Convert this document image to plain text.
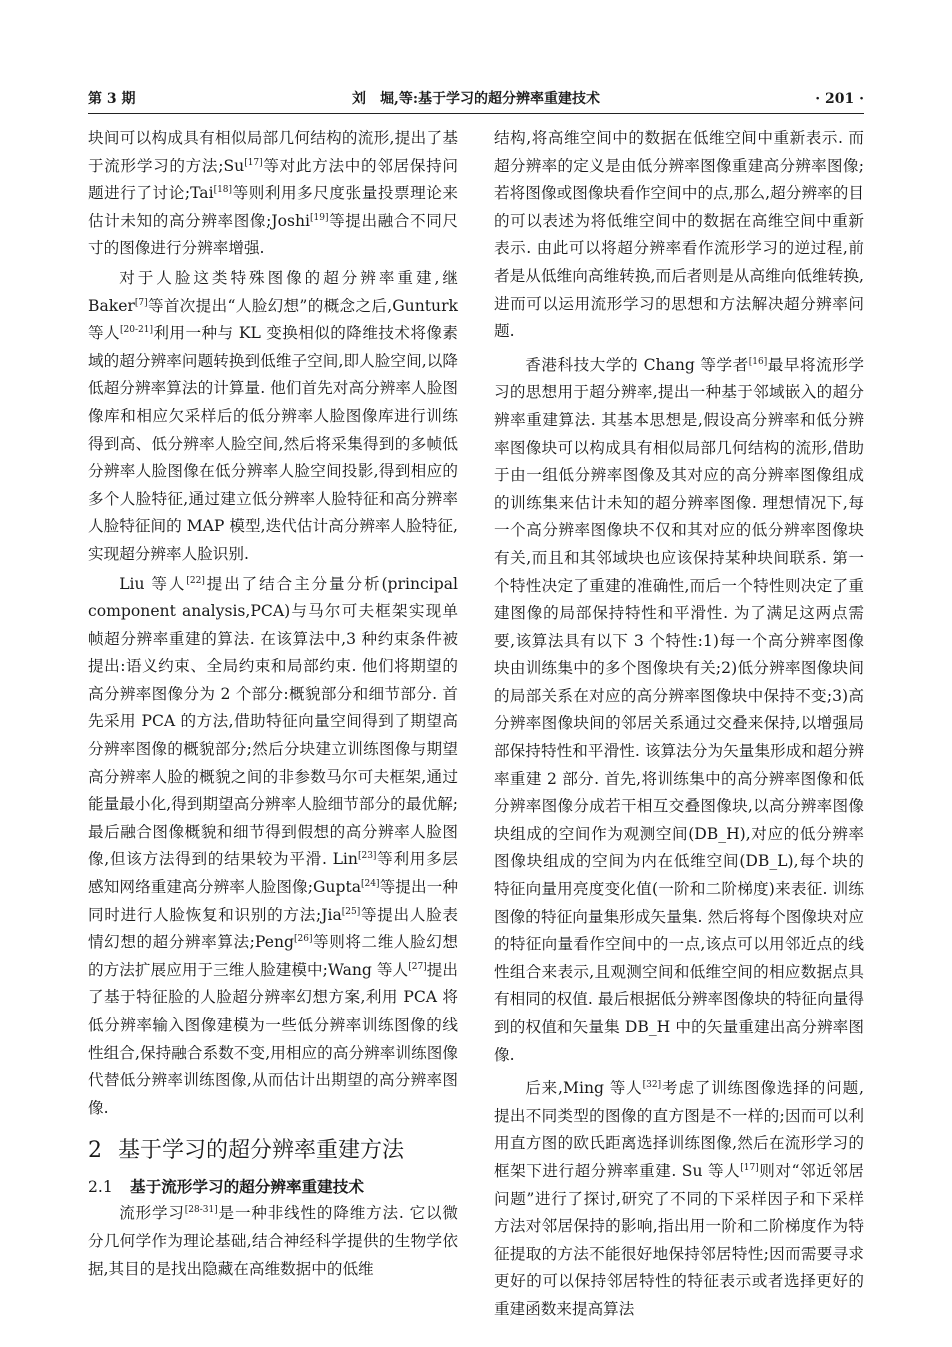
第 3 期	刘　堀,等:基于学习的超分辨率重建技术	· 201 ·

块间可以构成具有相似局部几何结构的流形,提出了基于流形学习的方法;Su[17]等对此方法中的邻居保持问题进行了讨论;Tai[18]等则利用多尺度张量投票理论来估计未知的高分辨率图像;Joshi[19]等提出融合不同尺寸的图像进行分辨率增强.

对于人脸这类特殊图像的超分辨率重建,继 Baker[7]等首次提出“人脸幻想”的概念之后,Gunturk 等人[20-21]利用一种与 KL 变换相似的降维技术将像素域的超分辨率问题转换到低维子空间,即人脸空间,以降低超分辨率算法的计算量. 他们首先对高分辨率人脸图像库和相应欠采样后的低分辨率人脸图像库进行训练得到高、低分辨率人脸空间,然后将采集得到的多帧低分辨率人脸图像在低分辨率人脸空间投影,得到相应的多个人脸特征,通过建立低分辨率人脸特征和高分辨率人脸特征间的 MAP 模型,迭代估计高分辨率人脸特征,实现超分辨率人脸识别.

Liu 等人[22]提出了结合主分量分析(principal component analysis,PCA)与马尔可夫框架实现单帧超分辨率重建的算法. 在该算法中,3 种约束条件被提出:语义约束、全局约束和局部约束. 他们将期望的高分辨率图像分为 2 个部分:概貌部分和细节部分. 首先采用 PCA 的方法,借助特征向量空间得到了期望高分辨率图像的概貌部分;然后分块建立训练图像与期望高分辨率人脸的概貌之间的非参数马尔可夫框架,通过能量最小化,得到期望高分辨率人脸细节部分的最优解;最后融合图像概貌和细节得到假想的高分辨率人脸图像,但该方法得到的结果较为平滑. Lin[23]等利用多层感知网络重建高分辨率人脸图像;Gupta[24]等提出一种同时进行人脸恢复和识别的方法;Jia[25]等提出人脸表情幻想的超分辨率算法;Peng[26]等则将二维人脸幻想的方法扩展应用于三维人脸建模中;Wang 等人[27]提出了基于特征脸的人脸超分辨率幻想方案,利用 PCA 将低分辨率输入图像建模为一些低分辨率训练图像的线性组合,保持融合系数不变,用相应的高分辨率训练图像代替低分辨率训练图像,从而估计出期望的高分辨率图像.

2 基于学习的超分辨率重建方法
2.1 基于流形学习的超分辨率重建技术

流形学习[28-31]是一种非线性的降维方法. 它以微分几何学作为理论基础,结合神经科学提供的生物学依据,其目的是找出隐藏在高维数据中的低维

结构,将高维空间中的数据在低维空间中重新表示. 而超分辨率的定义是由低分辨率图像重建高分辨率图像;若将图像或图像块看作空间中的点,那么,超分辨率的目的可以表述为将低维空间中的数据在高维空间中重新表示. 由此可以将超分辨率看作流形学习的逆过程,前者是从低维向高维转换,而后者则是从高维向低维转换,进而可以运用流形学习的思想和方法解决超分辨率问题.

香港科技大学的 Chang 等学者[16]最早将流形学习的思想用于超分辨率,提出一种基于邻域嵌入的超分辨率重建算法. 其基本思想是,假设高分辨率和低分辨率图像块可以构成具有相似局部几何结构的流形,借助于由一组低分辨率图像及其对应的高分辨率图像组成的训练集来估计未知的超分辨率图像. 理想情况下,每一个高分辨率图像块不仅和其对应的低分辨率图像块有关,而且和其邻域块也应该保持某种块间联系. 第一个特性决定了重建的准确性,而后一个特性则决定了重建图像的局部保持特性和平滑性. 为了满足这两点需要,该算法具有以下 3 个特性:1)每一个高分辨率图像块由训练集中的多个图像块有关;2)低分辨率图像块间的局部关系在对应的高分辨率图像块中保持不变;3)高分辨率图像块间的邻居关系通过交叠来保持,以增强局部保持特性和平滑性. 该算法分为矢量集形成和超分辨率重建 2 部分. 首先,将训练集中的高分辨率图像和低分辨率图像分成若干相互交叠图像块,以高分辨率图像块组成的空间作为观测空间(DB_H),对应的低分辨率图像块组成的空间为内在低维空间(DB_L),每个块的特征向量用亮度变化值(一阶和二阶梯度)来表征. 训练图像的特征向量集形成矢量集. 然后将每个图像块对应的特征向量看作空间中的一点,该点可以用邻近点的线性组合来表示,且观测空间和低维空间的相应数据点具有相同的权值. 最后根据低分辨率图像块的特征向量得到的权值和矢量集 DB_H 中的矢量重建出高分辨率图像.

后来,Ming 等人[32]考虑了训练图像选择的问题,提出不同类型的图像的直方图是不一样的;因而可以利用直方图的欧氏距离选择训练图像,然后在流形学习的框架下进行超分辨率重建. Su 等人[17]则对“邻近邻居问题”进行了探讨,研究了不同的下采样因子和下采样方法对邻居保持的影响,指出用一阶和二阶梯度作为特征提取的方法不能很好地保持邻居特性;因而需要寻求更好的可以保持邻居特性的特征表示或者选择更好的重建函数来提高算法
